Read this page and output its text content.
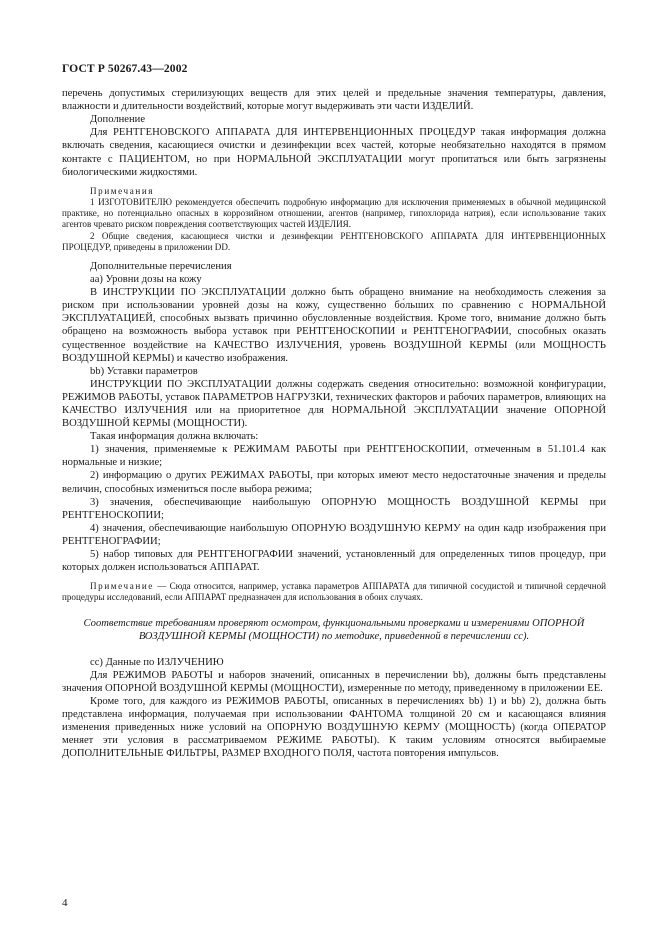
ГОСТ Р 50267.43—2002

перечень допустимых стерилизующих веществ для этих целей и предельные значения температуры, давления, влажности и длительности воздействий, которые могут выдерживать эти части ИЗДЕЛИЙ.

Дополнение

Для РЕНТГЕНОВСКОГО АППАРАТА ДЛЯ ИНТЕРВЕНЦИОННЫХ ПРОЦЕДУР такая информация должна включать сведения, касающиеся очистки и дезинфекции всех частей, которые необязательно находятся в прямом контакте с ПАЦИЕНТОМ, но при НОРМАЛЬНОЙ ЭКСПЛУАТАЦИИ могут пропитаться или быть загрязнены биологическими жидкостями.

Примечания

1 ИЗГОТОВИТЕЛЮ рекомендуется обеспечить подробную информацию для исключения применяемых в обычной медицинской практике, но потенциально опасных в коррозийном отношении, агентов (например, гипохлорида натрия), если использование таких агентов чревато риском повреждения соответствующих частей ИЗДЕЛИЯ.

2 Общие сведения, касающиеся чистки и дезинфекции РЕНТГЕНОВСКОГО АППАРАТА ДЛЯ ИНТЕРВЕНЦИОННЫХ ПРОЦЕДУР, приведены в приложении DD.

Дополнительные перечисления

аа) Уровни дозы на кожу

В ИНСТРУКЦИИ ПО ЭКСПЛУАТАЦИИ должно быть обращено внимание на необходимость слежения за риском при использовании уровней дозы на кожу, существенно бо́льших по сравнению с НОРМАЛЬНОЙ ЭКСПЛУАТАЦИЕЙ, способных вызвать причинно обусловленные воздействия. Кроме того, внимание должно быть обращено на возможность выбора уставок при РЕНТГЕНОСКОПИИ и РЕНТГЕНОГРАФИИ, способных оказать существенное воздействие на КАЧЕСТВО ИЗЛУЧЕНИЯ, уровень ВОЗДУШНОЙ КЕРМЫ (или МОЩНОСТЬ ВОЗДУШНОЙ КЕРМЫ) и качество изображения.

bb) Уставки параметров

ИНСТРУКЦИИ ПО ЭКСПЛУАТАЦИИ должны содержать сведения относительно: возможной конфигурации, РЕЖИМОВ РАБОТЫ, уставок ПАРАМЕТРОВ НАГРУЗКИ, технических факторов и рабочих параметров, влияющих на КАЧЕСТВО ИЗЛУЧЕНИЯ или на приоритетное для НОРМАЛЬНОЙ ЭКСПЛУАТАЦИИ значение ОПОРНОЙ ВОЗДУШНОЙ КЕРМЫ (МОЩНОСТИ).

Такая информация должна включать:

1) значения, применяемые к РЕЖИМАМ РАБОТЫ при РЕНТГЕНОСКОПИИ, отмеченным в 51.101.4 как нормальные и низкие;

2) информацию о других РЕЖИМАХ РАБОТЫ, при которых имеют место недостаточные значения и пределы величин, способных измениться после выбора режима;

3) значения, обеспечивающие наибольшую ОПОРНУЮ МОЩНОСТЬ ВОЗДУШНОЙ КЕРМЫ при РЕНТГЕНОСКОПИИ;

4) значения, обеспечивающие наибольшую ОПОРНУЮ ВОЗДУШНУЮ КЕРМУ на один кадр изображения при РЕНТГЕНОГРАФИИ;

5) набор типовых для РЕНТГЕНОГРАФИИ значений, установленный для определенных типов процедур, при которых должен использоваться АППАРАТ.

Примечание — Сюда относится, например, уставка параметров АППАРАТА для типичной сосудистой и типичной сердечной процедуры исследований, если АППАРАТ предназначен для использования в обоих случаях.

Соответствие требованиям проверяют осмотром, функциональными проверками и измерениями ОПОРНОЙ ВОЗДУШНОЙ КЕРМЫ (МОЩНОСТИ) по методике, приведенной в перечислении cc).

cc) Данные по ИЗЛУЧЕНИЮ

Для РЕЖИМОВ РАБОТЫ и наборов значений, описанных в перечислении bb), должны быть представлены значения ОПОРНОЙ ВОЗДУШНОЙ КЕРМЫ (МОЩНОСТИ), измеренные по методу, приведенному в приложении ЕЕ.

Кроме того, для каждого из РЕЖИМОВ РАБОТЫ, описанных в перечислениях bb) 1) и bb) 2), должна быть представлена информация, получаемая при использовании ФАНТОМА толщиной 20 см и касающаяся влияния изменения приведенных ниже условий на ОПОРНУЮ ВОЗДУШНУЮ КЕРМУ (МОЩНОСТЬ) (когда ОПЕРАТОР меняет эти условия в рассматриваемом РЕЖИМЕ РАБОТЫ). К таким условиям относятся выбираемые ДОПОЛНИТЕЛЬНЫЕ ФИЛЬТРЫ, РАЗМЕР ВХОДНОГО ПОЛЯ, частота повторения импульсов.

4
